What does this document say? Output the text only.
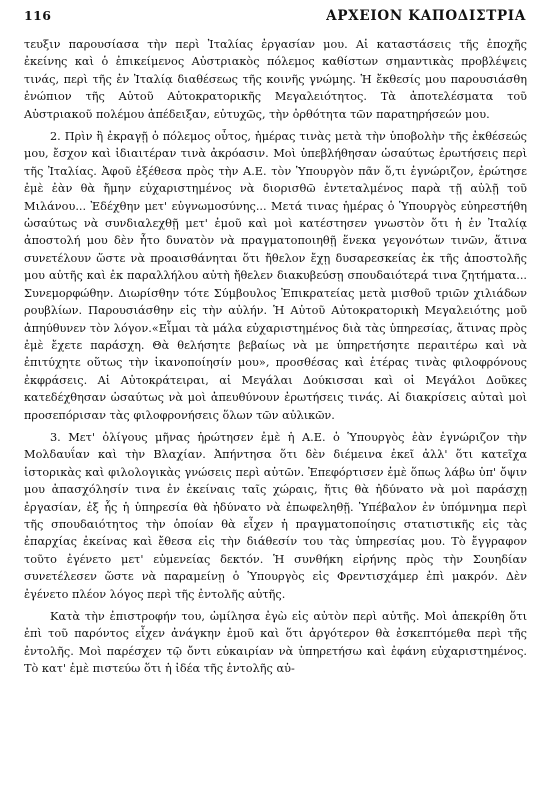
116	ΑΡΧΕΙΟΝ ΚΑΠΟΔΙΣΤΡΙΑ

τευξιν παρουσίασα τὴν περὶ Ἰταλίας ἐργασίαν μου. Αἱ καταστάσεις τῆς ἐποχῆς ἐκείνης καὶ ὁ ἐπικείμενος Αὐστριακὸς πόλεμος καθίστων σημαντικὰς προβλέψεις τινάς, περὶ τῆς ἐν Ἰταλίᾳ διαθέσεως τῆς κοινῆς γνώμης. Ἡ ἔκθεσίς μου παρουσιάσθη ἐνώπιον τῆς Αὐτοῦ Αὐτοκρατορικῆς Μεγαλειότητος. Τὰ ἀποτελέσματα τοῦ Αὐστριακοῦ πολέμου ἀπέδειξαν, εὐτυχῶς, τὴν ὀρθότητα τῶν παρατηρήσεών μου.

2. Πρὶν ἢ ἐκραγῇ ὁ πόλεμος οὗτος, ἡμέρας τινὰς μετὰ τὴν ὑποβολὴν τῆς ἐκθέσεώς μου, ἔσχον καὶ ἰδιαιτέραν τινὰ ἀκρόασιν. Μοὶ ὑπεβλήθησαν ὡσαύτως ἐρωτήσεις περὶ τῆς Ἰταλίας. Ἀφοῦ ἐξέθεσα πρὸς τὴν Α.Ε. τὸν Ὑπουργὸν πᾶν ὅ,τι ἐγνώριζον, ἐρώτησε ἐμὲ ἐὰν θὰ ἤμην εὐχαριστημένος νὰ διορισθῶ ἐντεταλμένος παρὰ τῇ αὐλῇ τοῦ Μιλάνου... Ἐδέχθην μετ' εὐγνωμοσύνης... Μετά τινας ἡμέρας ὁ Ὑπουργὸς εὐηρεστήθη ὡσαύτως νὰ συνδιαλεχθῇ μετ' ἐμοῦ καὶ μοὶ κατέστησεν γνωστὸν ὅτι ἡ ἐν Ἰταλίᾳ ἀποστολή μου δὲν ἦτο δυνατὸν νὰ πραγματοποιηθῇ ἕνεκα γεγονότων τινῶν, ἅτινα συνετέλουν ὥστε νὰ προαισθάνηται ὅτι ἤθελον ἔχῃ δυσαρεσκείας ἐκ τῆς ἀποστολῆς μου αὐτῆς καὶ ἐκ παραλλήλου αὐτὴ ἤθελεν διακυβεύσῃ σπουδαιότερά τινα ζητήματα... Συνεμορφώθην. Διωρίσθην τότε Σύμβουλος Ἐπικρατείας μετὰ μισθοῦ τριῶν χιλιάδων ρουβλίων. Παρουσιάσθην εἰς τὴν αὐλήν. Ἡ Αὐτοῦ Αὐτοκρατορικὴ Μεγαλειότης μοῦ ἀπηύθυνεν τὸν λόγον.«Εἶμαι τὰ μάλα εὐχαριστημένος διὰ τὰς ὑπηρεσίας, ἅτινας πρὸς ἐμὲ ἔχετε παράσχη. Θὰ θελήσητε βεβαίως νὰ με ὑπηρετήσητε περαιτέρω καὶ νὰ ἐπιτύχητε οὕτως τὴν ἱκανοποίησίν μου», προσθέσας καὶ ἑτέρας τινὰς φιλοφρόνους ἐκφράσεις. Αἱ Αὐτοκράτειραι, αἱ Μεγάλαι Δούκισσαι καὶ οἱ Μεγάλοι Δοῦκες κατεδέχθησαν ὡσαύτως νὰ μοὶ ἀπευθύνουν ἐρωτήσεις τινάς. Αἱ διακρίσεις αὐταὶ μοὶ προσεπόρισαν τὰς φιλοφρονήσεις ὅλων τῶν αὐλικῶν.

3. Μετ' ὀλίγους μῆνας ἠρώτησεν ἐμὲ ἡ Α.Ε. ὁ Ὑπουργὸς ἐὰν ἐγνώριζον τὴν Μολδαυΐαν καὶ τὴν Βλαχίαν. Ἀπήντησα ὅτι δὲν διέμεινα ἐκεῖ ἀλλ' ὅτι κατεῖχα ἱστορικὰς καὶ φιλολογικὰς γνώσεις περὶ αὐτῶν. Ἐπεφόρτισεν ἐμὲ ὅπως λάβω ὑπ' ὄψιν μου ἀπασχόλησίν τινα ἐν ἐκείναις ταῖς χώραις, ἥτις θὰ ἠδύνατο νὰ μοὶ παράσχῃ ἐργασίαν, ἐξ ἧς ἡ ὑπηρεσία θὰ ἠδύνατο νὰ ἐπωφεληθῇ. Ὑπέβαλον ἐν ὑπόμνημα περὶ τῆς σπουδαιότητος τὴν ὁποίαν θὰ εἶχεν ἡ πραγματοποίησις στατιστικῆς εἰς τὰς ἐπαρχίας ἐκείνας καὶ ἔθεσα εἰς τὴν διάθεσίν του τὰς ὑπηρεσίας μου. Τὸ ἔγγραφον τοῦτο ἐγένετο μετ' εὐμενείας δεκτόν. Ἡ συνθήκη εἰρήνης πρὸς τὴν Σουηδίαν συνετέλεσεν ὥστε νὰ παραμείνῃ ὁ Ὑπουργὸς εἰς Φρεντισχάμερ ἐπὶ μακρόν. Δὲν ἐγένετο πλέον λόγος περὶ τῆς ἐντολῆς αὐτῆς.

Κατὰ τὴν ἐπιστροφήν του, ὡμίλησα ἐγὼ εἰς αὐτὸν περὶ αὐτῆς. Μοὶ ἀπεκρίθη ὅτι ἐπὶ τοῦ παρόντος εἶχεν ἀνάγκην ἐμοῦ καὶ ὅτι ἀργότερον θὰ ἐσκεπτόμεθα περὶ τῆς ἐντολῆς. Μοὶ παρέσχεν τῷ ὄντι εὐκαιρίαν νὰ ὑπηρετήσω καὶ ἐφάνη εὐχαριστημένος. Τὸ κατ' ἐμὲ πιστεύω ὅτι ἡ ἰδέα τῆς ἐντολῆς αὐ-
